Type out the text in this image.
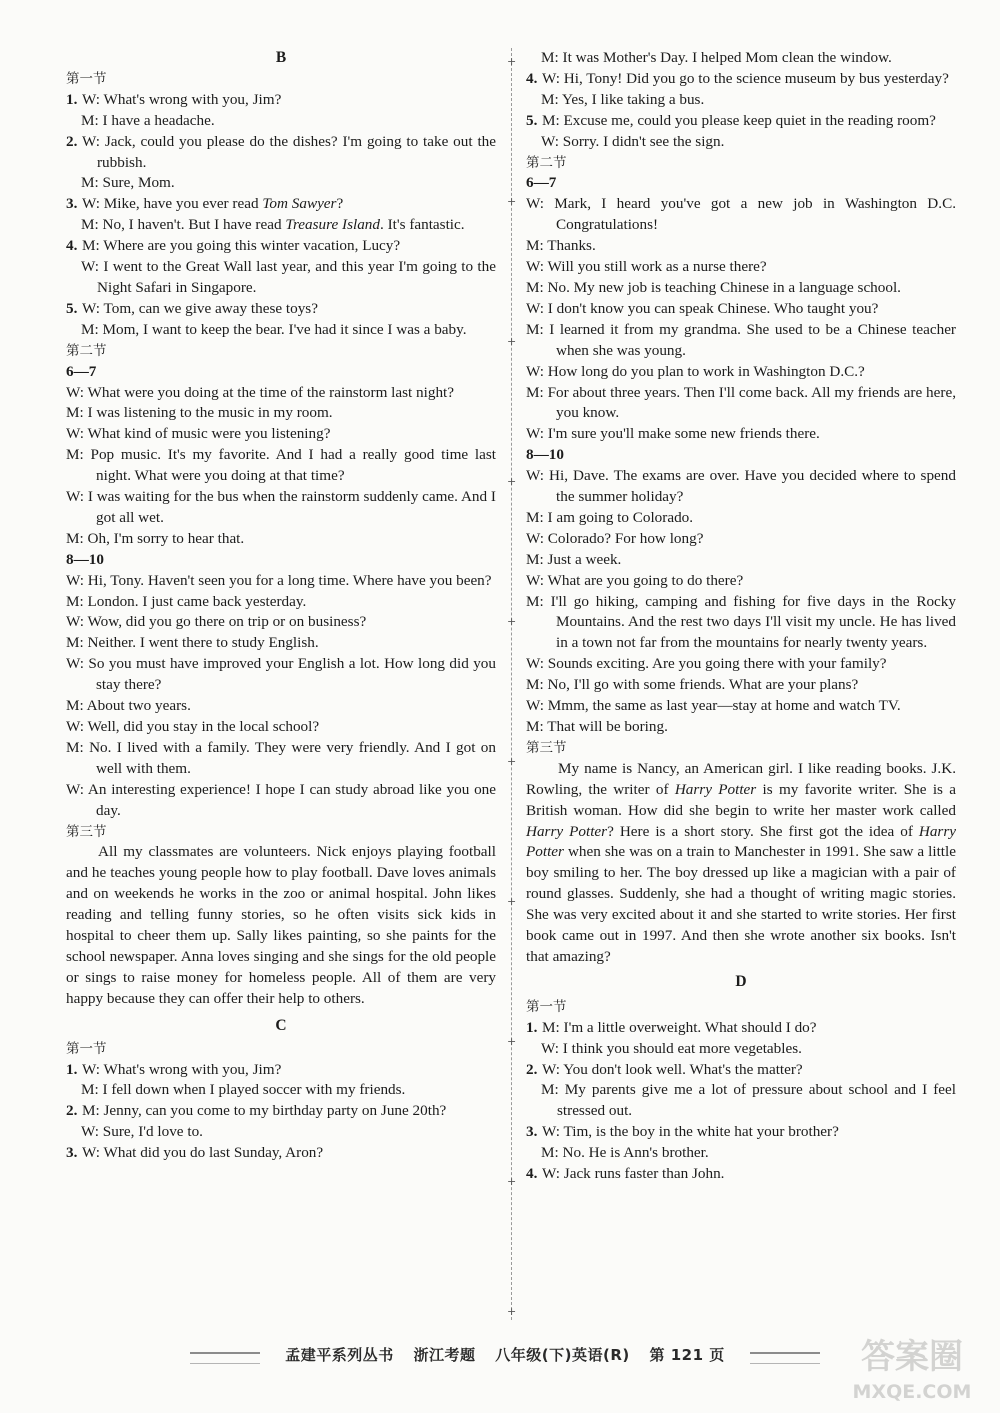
B
第一节
1. W: What's wrong with you, Jim?
M: I have a headache.
2. W: Jack, could you please do the dishes? I'm going to take out the rubbish.
M: Sure, Mom.
3. W: Mike, have you ever read Tom Sawyer?
M: No, I haven't. But I have read Treasure Island. It's fantastic.
4. M: Where are you going this winter vacation, Lucy?
W: I went to the Great Wall last year, and this year I'm going to the Night Safari in Singapore.
5. W: Tom, can we give away these toys?
M: Mom, I want to keep the bear. I've had it since I was a baby.
第二节
6—7
W: What were you doing at the time of the rainstorm last night?
M: I was listening to the music in my room.
W: What kind of music were you listening?
M: Pop music. It's my favorite. And I had a really good time last night. What were you doing at that time?
W: I was waiting for the bus when the rainstorm suddenly came. And I got all wet.
M: Oh, I'm sorry to hear that.
8—10
W: Hi, Tony. Haven't seen you for a long time. Where have you been?
M: London. I just came back yesterday.
W: Wow, did you go there on trip or on business?
M: Neither. I went there to study English.
W: So you must have improved your English a lot. How long did you stay there?
M: About two years.
W: Well, did you stay in the local school?
M: No. I lived with a family. They were very friendly. And I got on well with them.
W: An interesting experience! I hope I can study abroad like you one day.
第三节
All my classmates are volunteers. Nick enjoys playing football and he teaches young people how to play football. Dave loves animals and on weekends he works in the zoo or animal hospital. John likes reading and telling funny stories, so he often visits sick kids in hospital to cheer them up. Sally likes painting, so she paints for the school newspaper. Anna loves singing and she sings for the old people or sings to raise money for homeless people. All of them are very happy because they can offer their help to others.
C
第一节
1. W: What's wrong with you, Jim?
M: I fell down when I played soccer with my friends.
2. M: Jenny, can you come to my birthday party on June 20th?
W: Sure, I'd love to.
3. W: What did you do last Sunday, Aron?
+
+
+
+
+
+
+
+
+
+
M: It was Mother's Day. I helped Mom clean the window.
4. W: Hi, Tony! Did you go to the science museum by bus yesterday?
M: Yes, I like taking a bus.
5. M: Excuse me, could you please keep quiet in the reading room?
W: Sorry. I didn't see the sign.
第二节
6—7
W: Mark, I heard you've got a new job in Washington D.C. Congratulations!
M: Thanks.
W: Will you still work as a nurse there?
M: No. My new job is teaching Chinese in a language school.
W: I don't know you can speak Chinese. Who taught you?
M: I learned it from my grandma. She used to be a Chinese teacher when she was young.
W: How long do you plan to work in Washington D.C.?
M: For about three years. Then I'll come back. All my friends are here, you know.
W: I'm sure you'll make some new friends there.
8—10
W: Hi, Dave. The exams are over. Have you decided where to spend the summer holiday?
M: I am going to Colorado.
W: Colorado? For how long?
M: Just a week.
W: What are you going to do there?
M: I'll go hiking, camping and fishing for five days in the Rocky Mountains. And the rest two days I'll visit my uncle. He has lived in a town not far from the mountains for nearly twenty years.
W: Sounds exciting. Are you going there with your family?
M: No, I'll go with some friends. What are your plans?
W: Mmm, the same as last year—stay at home and watch TV.
M: That will be boring.
第三节
My name is Nancy, an American girl. I like reading books. J.K. Rowling, the writer of Harry Potter is my favorite writer. She is a British woman. How did she begin to write her master work called Harry Potter? Here is a short story. She first got the idea of Harry Potter when she was on a train to Manchester in 1991. She saw a little boy smiling to her. The boy dressed up like a magician with a pair of round glasses. Suddenly, she had a thought of writing magic stories. She was very excited about it and she started to write stories. Her first book came out in 1997. And then she wrote another six books. Isn't that amazing?
D
第一节
1. M: I'm a little overweight. What should I do?
W: I think you should eat more vegetables.
2. W: You don't look well. What's the matter?
M: My parents give me a lot of pressure about school and I feel stressed out.
3. W: Tim, is the boy in the white hat your brother?
M: No. He is Ann's brother.
4. W: Jack runs faster than John.
孟建平系列丛书 浙江考题 八年级(下)英语(R) 第 121 页	答案圈
MXQE.COM
